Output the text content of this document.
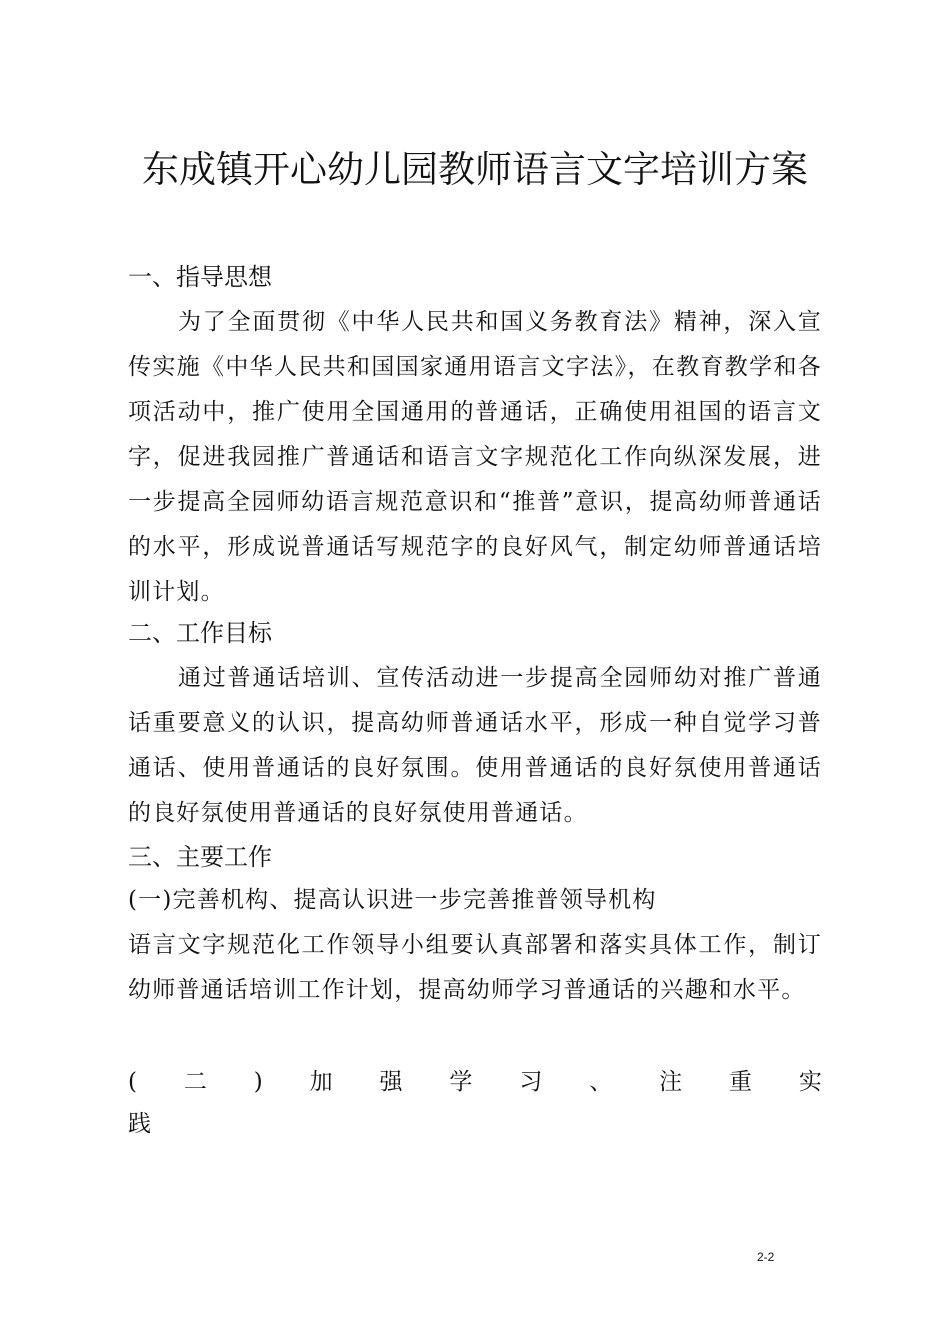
东成镇开心幼儿园教师语言文字培训方案
一、指导思想
为了全面贯彻《中华人民共和国义务教育法》精神，深入宣传实施《中华人民共和国国家通用语言文字法》，在教育教学和各项活动中，推广使用全国通用的普通话，正确使用祖国的语言文字，促进我园推广普通话和语言文字规范化工作向纵深发展，进一步提高全园师幼语言规范意识和“推普”意识，提高幼师普通话的水平，形成说普通话写规范字的良好风气，制定幼师普通话培训计划。
二、工作目标
通过普通话培训、宣传活动进一步提高全园师幼对推广普通话重要意义的认识，提高幼师普通话水平，形成一种自觉学习普通话、使用普通话的良好氛围。使用普通话的良好氛使用普通话的良好氛使用普通话的良好氛使用普通话。
三、主要工作
(一)完善机构、提高认识进一步完善推普领导机构
语言文字规范化工作领导小组要认真部署和落实具体工作，制订幼师普通话培训工作计划，提高幼师学习普通话的兴趣和水平。
( 二 ) 加 强 学 习 、 注 重 实
践
2-2
